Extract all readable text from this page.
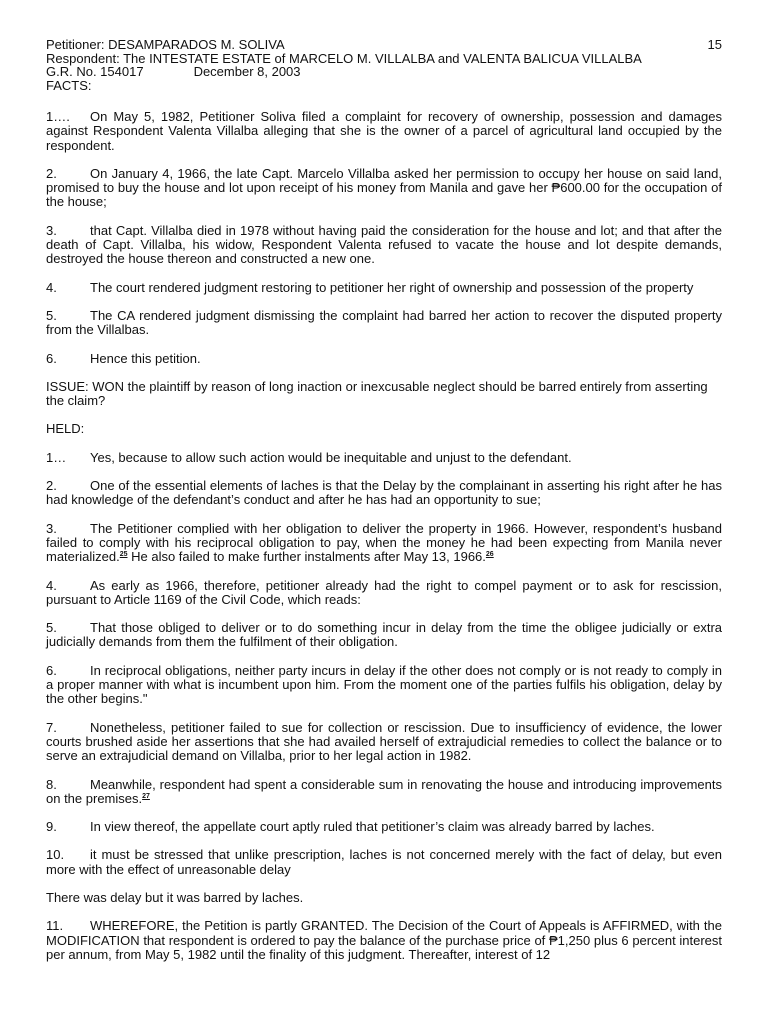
Petitioner: DESAMPARADOS M. SOLIVA	15
Respondent: The INTESTATE ESTATE of MARCELO M. VILLALBA and VALENTA BALICUA VILLALBA
G.R. No. 154017	December 8, 2003
FACTS:

1…. On May 5, 1982, Petitioner Soliva filed a complaint for recovery of ownership, possession and damages against Respondent Valenta Villalba alleging that she is the owner of a parcel of agricultural land occupied by the respondent.

2.	On January 4, 1966, the late Capt. Marcelo Villalba asked her permission to occupy her house on said land, promised to buy the house and lot upon receipt of his money from Manila and gave her ₱600.00 for the occupation of the house;

3.	that Capt. Villalba died in 1978 without having paid the consideration for the house and lot; and that after the death of Capt. Villalba, his widow, Respondent Valenta refused to vacate the house and lot despite demands, destroyed the house thereon and constructed a new one.

4.	The court rendered judgment restoring to petitioner her right of ownership and possession of the property

5.	The CA rendered judgment dismissing the complaint had barred her action to recover the disputed property from the Villalbas.

6.	Hence this petition.

ISSUE: WON the plaintiff by reason of long inaction or inexcusable neglect should be barred entirely from asserting the claim?

HELD:

1… Yes, because to allow such action would be inequitable and unjust to the defendant.

2.	One of the essential elements of laches is that the Delay by the complainant in asserting his right after he has had knowledge of the defendant’s conduct and after he has had an opportunity to sue;

3.	The Petitioner complied with her obligation to deliver the property in 1966. However, respondent’s husband failed to comply with his reciprocal obligation to pay, when the money he had been expecting from Manila never materialized.$^{25}$ He also failed to make further instalments after May 13, 1966.26

4.	As early as 1966, therefore, petitioner already had the right to compel payment or to ask for rescission, pursuant to Article 1169 of the Civil Code, which reads:

5.	That those obliged to deliver or to do something incur in delay from the time the obligee judicially or extra judicially demands from them the fulfilment of their obligation.

6.	In reciprocal obligations, neither party incurs in delay if the other does not comply or is not ready to comply in a proper manner with what is incumbent upon him. From the moment one of the parties fulfils his obligation, delay by the other begins."

7.	Nonetheless, petitioner failed to sue for collection or rescission. Due to insufficiency of evidence, the lower courts brushed aside her assertions that she had availed herself of extrajudicial remedies to collect the balance or to serve an extrajudicial demand on Villalba, prior to her legal action in 1982.

8.	Meanwhile, respondent had spent a considerable sum in renovating the house and introducing improvements on the premises.$^{27}$

9.	In view thereof, the appellate court aptly ruled that petitioner’s claim was already barred by laches.

10. it must be stressed that unlike prescription, laches is not concerned merely with the fact of delay, but even more with the effect of unreasonable delay

There was delay but it was barred by laches.

11. WHEREFORE, the Petition is partly GRANTED. The Decision of the Court of Appeals is AFFIRMED, with the MODIFICATION that respondent is ordered to pay the balance of the purchase price of ₱1,250 plus 6 percent interest per annum, from May 5, 1982 until the finality of this judgment. Thereafter, interest of 12
